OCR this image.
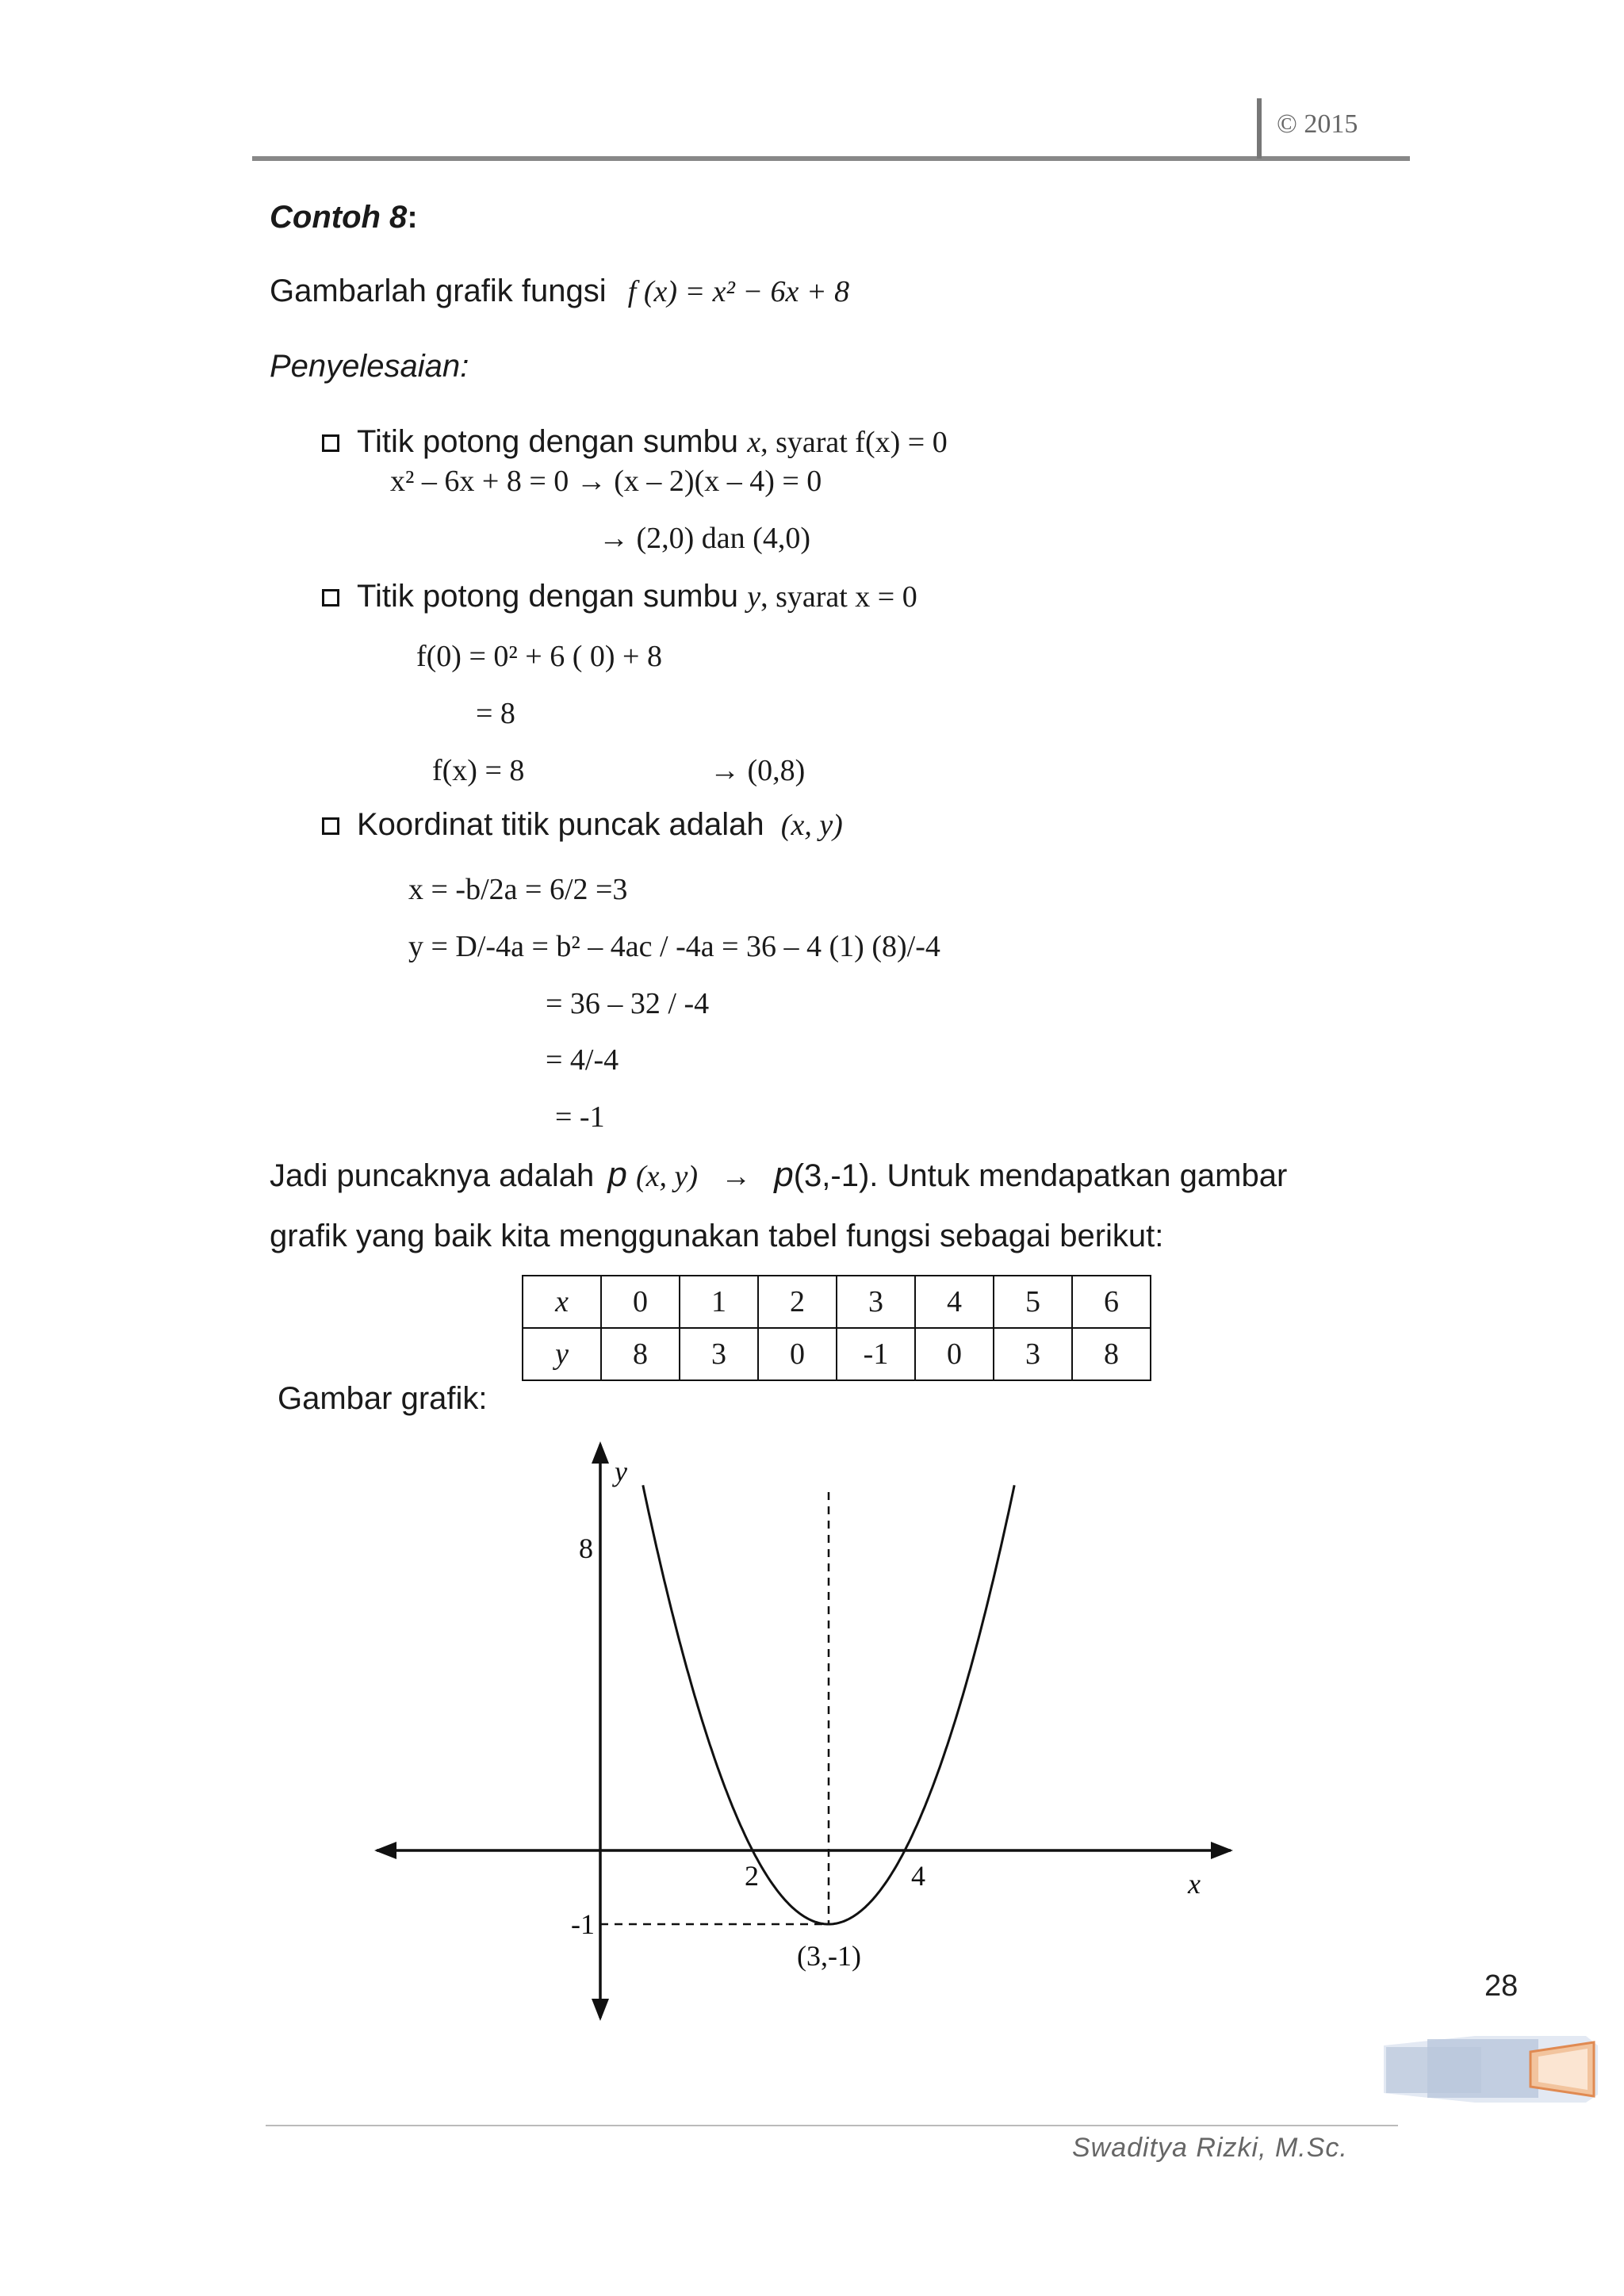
© 2015
Contoh 8:
Gambarlah grafik fungsi f (x) = x² − 6x + 8
Penyelesaian:
Titik potong dengan sumbu x, syarat f(x) = 0
x² – 6x + 8 = 0 → (x – 2)(x – 4) = 0
→ (2,0) dan (4,0)
Titik potong dengan sumbu y, syarat x = 0
f(0) = 0² + 6 ( 0) + 8
= 8
f(x) = 8	→ (0,8)
Koordinat titik puncak adalah (x, y)
x = -b/2a = 6/2 =3
y = D/-4a = b² – 4ac / -4a = 36 – 4 (1) (8)/-4
= 36 – 32 / -4
= 4/-4
= -1
Jadi puncaknya adalah p (x, y) → p(3,-1). Untuk mendapatkan gambar
grafik yang baik kita menggunakan tabel fungsi sebagai berikut:
x	0	1	2	3	4	5	6
y	8	3	0	-1	0	3	8
Gambar grafik:
y
x
8
2	4
-1
(3,-1)
28
Swaditya Rizki, M.Sc.
